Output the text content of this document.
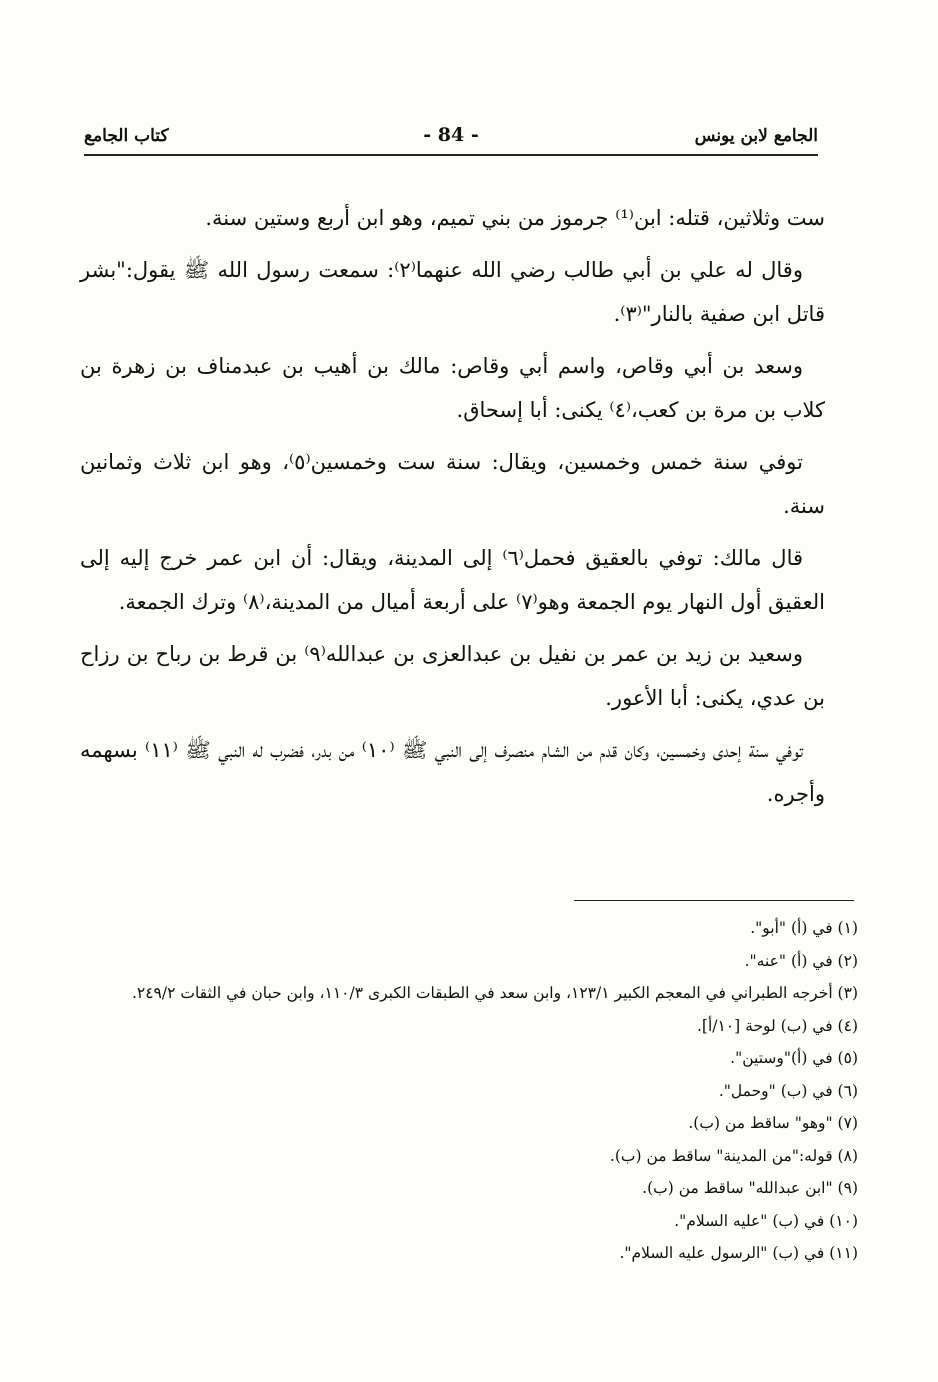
الجامع لابن يونس
- 84 -
كتاب الجامع

ست وثلاثين، قتله: ابن⁽¹⁾ جرموز من بني تميم، وهو ابن أربع وستين سنة.

وقال له علي بن أبي طالب رضي الله عنهما⁽٢⁾: سمعت رسول الله ﷺ يقول:"بشر قاتل ابن صفية بالنار"⁽٣⁾.

وسعد بن أبي وقاص، واسم أبي وقاص: مالك بن أهيب بن عبدمناف بن زهرة بن كلاب بن مرة بن كعب،⁽٤⁾ يكنى: أبا إسحاق.

توفي سنة خمس وخمسين، ويقال: سنة ست وخمسين⁽٥⁾، وهو ابن ثلاث وثمانين سنة.

قال مالك: توفي بالعقيق فحمل⁽٦⁾ إلى المدينة، ويقال: أن ابن عمر خرج إليه إلى العقيق أول النهار يوم الجمعة وهو⁽٧⁾ على أربعة أميال من المدينة،⁽٨⁾ وترك الجمعة.

وسعيد بن زيد بن عمر بن نفيل بن عبدالعزى بن عبدالله⁽٩⁾ بن قرط بن رباح بن رزاح بن عدي، يكنى: أبا الأعور.

توفي سنة إحدى وخمسين، وكان قدم من الشام منصرف إلى النبي ﷺ ⁽١٠⁾ من بدر، فضرب له النبي ﷺ ⁽١١⁾ بسهمه وأجره.

(١) في (أ) "أبو".

(٢) في (أ) "عنه".

(٣) أخرجه الطبراني في المعجم الكبير ١٢٣/١، وابن سعد في الطبقات الكبرى ١١٠/٣، وابن حبان في الثقات ٢٤٩/٢.

(٤) في (ب) لوحة [١٠/أ].

(٥) في (أ)"وستين".

(٦) في (ب) "وحمل".

(٧) "وهو" ساقط من (ب).

(٨) قوله:"من المدينة" ساقط من (ب).

(٩) "ابن عبدالله" ساقط من (ب).

(١٠) في (ب) "عليه السلام".

(١١) في (ب) "الرسول عليه السلام".
